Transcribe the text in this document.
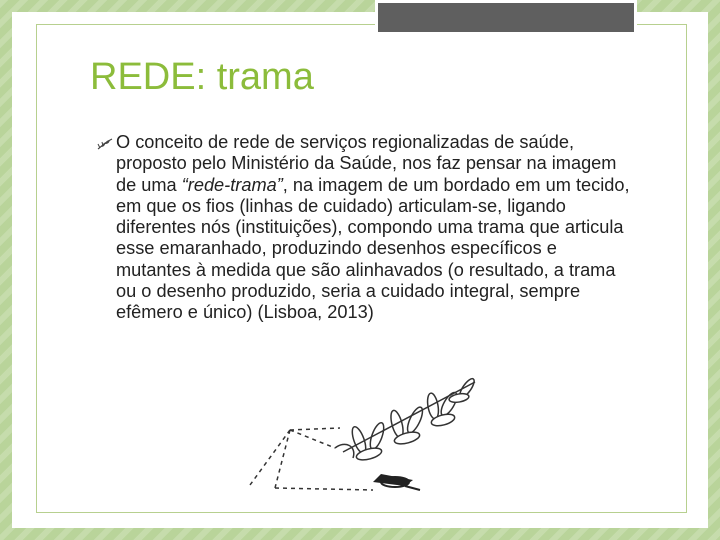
REDE: trama

O conceito de rede de serviços regionalizadas de saúde, proposto pelo Ministério da Saúde, nos faz pensar na imagem de uma “rede-trama”, na imagem de um bordado em um tecido, em que os fios (linhas de cuidado) articulam-se, ligando diferentes nós (instituições), compondo uma trama que articula esse emaranhado, produzindo desenhos específicos e mutantes à medida que são alinhavados (o resultado, a trama ou o desenho produzido, seria a cuidado integral, sempre efêmero e único) (Lisboa, 2013)
